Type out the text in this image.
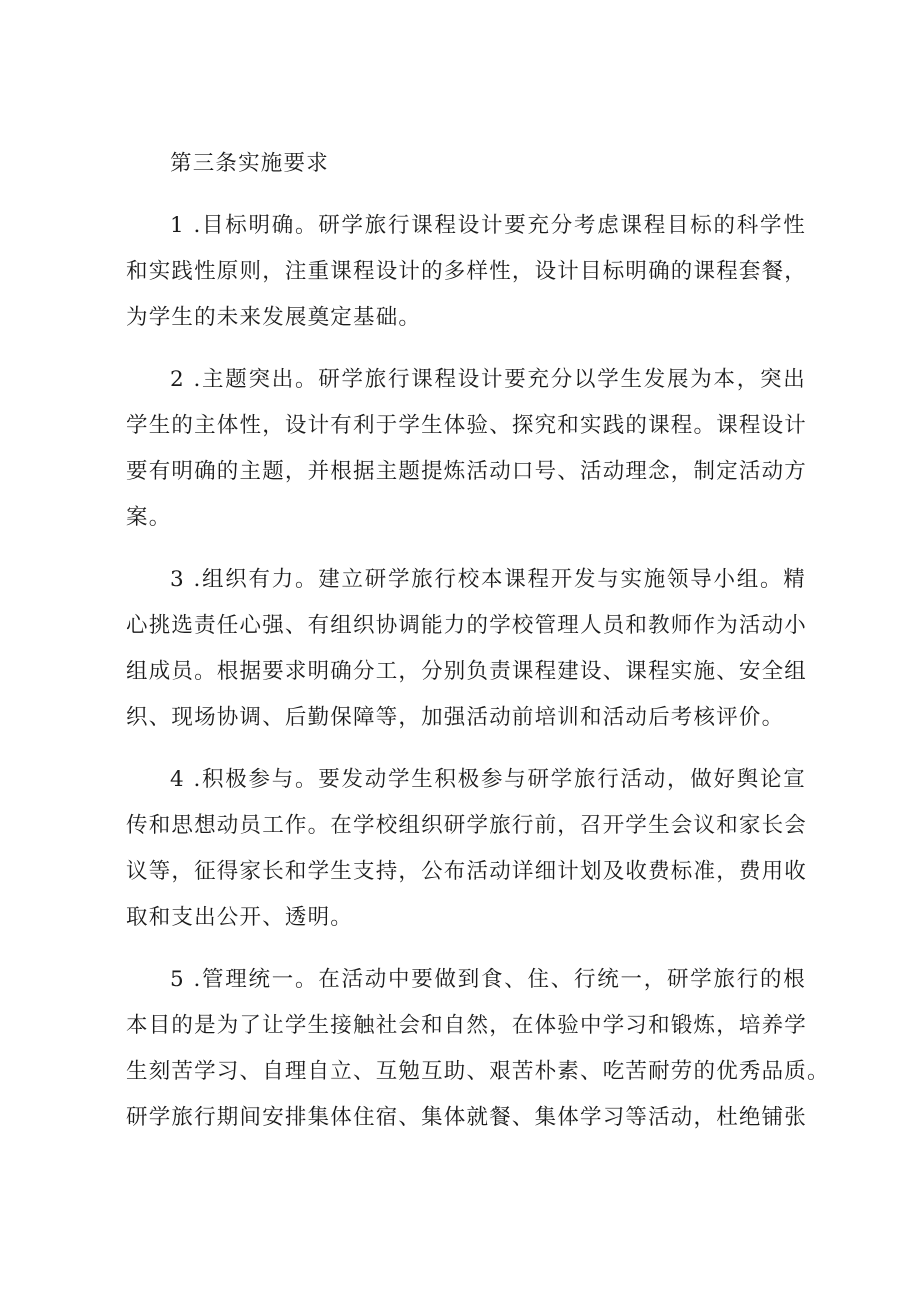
第三条实施要求
1 .目标明确。研学旅行课程设计要充分考虑课程目标的科学性
和实践性原则，注重课程设计的多样性，设计目标明确的课程套餐，
为学生的未来发展奠定基础。
2 .主题突出。研学旅行课程设计要充分以学生发展为本，突出
学生的主体性，设计有利于学生体验、探究和实践的课程。课程设计
要有明确的主题，并根据主题提炼活动口号、活动理念，制定活动方
案。
3 .组织有力。建立研学旅行校本课程开发与实施领导小组。精
心挑选责任心强、有组织协调能力的学校管理人员和教师作为活动小
组成员。根据要求明确分工，分别负责课程建设、课程实施、安全组
织、现场协调、后勤保障等，加强活动前培训和活动后考核评价。
4 .积极参与。要发动学生积极参与研学旅行活动，做好舆论宣
传和思想动员工作。在学校组织研学旅行前，召开学生会议和家长会
议等，征得家长和学生支持，公布活动详细计划及收费标准，费用收
取和支出公开、透明。
5 .管理统一。在活动中要做到食、住、行统一，研学旅行的根
本目的是为了让学生接触社会和自然，在体验中学习和锻炼，培养学
生刻苦学习、自理自立、互勉互助、艰苦朴素、吃苦耐劳的优秀品质。
研学旅行期间安排集体住宿、集体就餐、集体学习等活动，杜绝铺张
